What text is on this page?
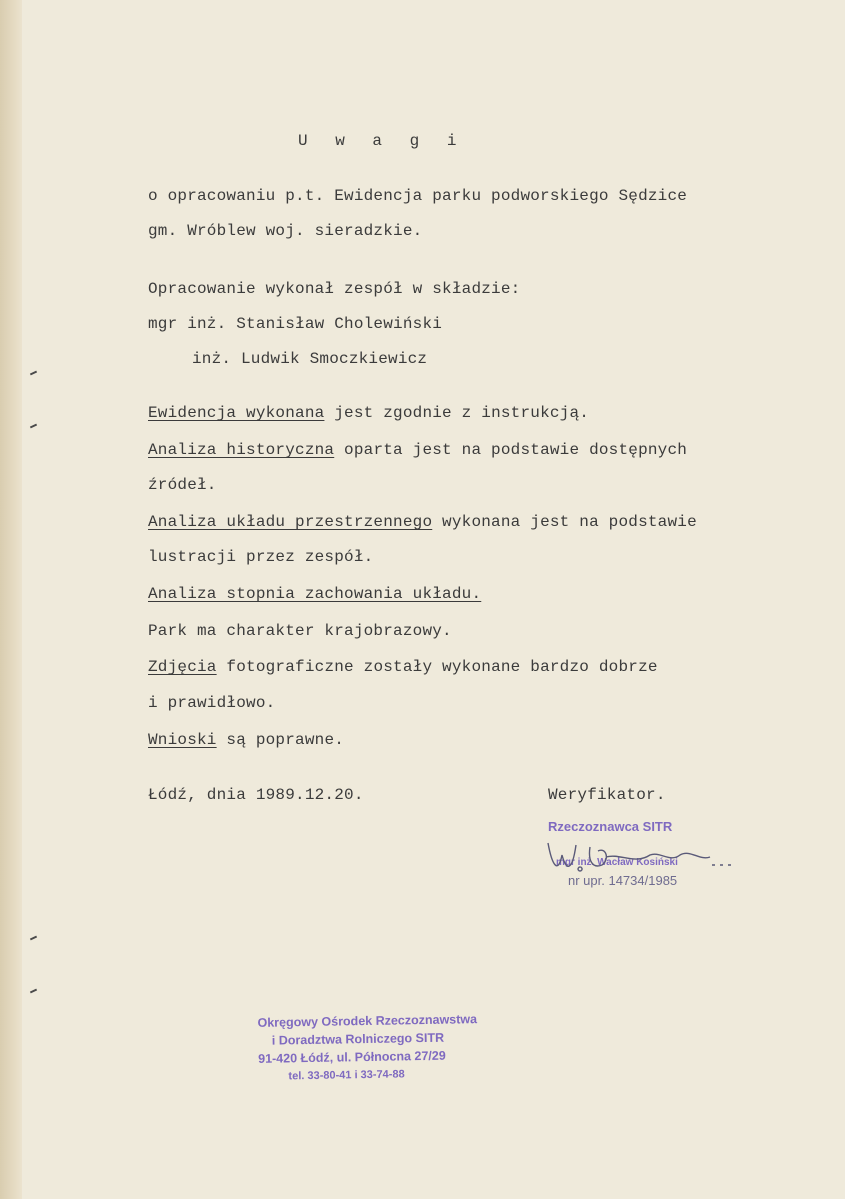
U w a g i
o opracowaniu p.t. Ewidencja parku podworskiego Sędzice
gm. Wróblew woj. sieradzkie.
Opracowanie wykonał zespół w składzie:
mgr inż. Stanisław Cholewiński
inż. Ludwik Smoczkiewicz
Ewidencja wykonana jest zgodnie z instrukcją.
Analiza historyczna oparta jest na podstawie dostępnych
źródeł.
Analiza układu przestrzennego wykonana jest na podstawie
lustracji przez zespół.
Analiza stopnia zachowania układu.
Park ma charakter krajobrazowy.
Zdjęcia fotograficzne zostały wykonane bardzo dobrze
i prawidłowo.
Wnioski są poprawne.
Łódź, dnia 1989.12.20.	Weryfikator.
Rzeczoznawca SITR
mgr inż. Wacław Kosiński
nr upr. 14734/1985
Okręgowy Ośrodek Rzeczoznawstwa
i Doradztwa Rolniczego SITR
91-420 Łódź, ul. Północna 27/29
tel. 33-80-41 i 33-74-88
